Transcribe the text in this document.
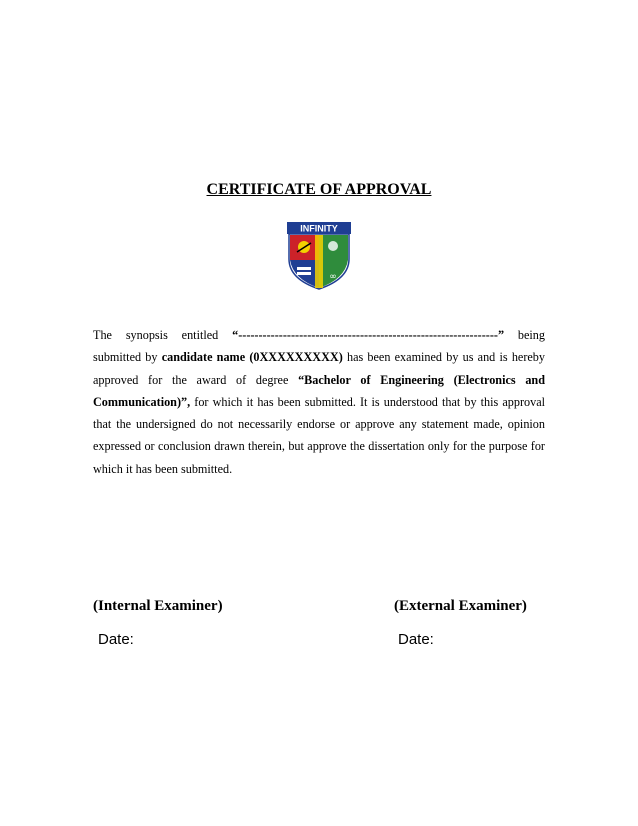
CERTIFICATE OF APPROVAL
INFINITY
∞
The synopsis entitled “----------------------------------------------------------------” being submitted by candidate name (0XXXXXXXXX) has been examined by us and is hereby approved for the award of degree “Bachelor of Engineering (Electronics and Communication)”, for which it has been submitted. It is understood that by this approval that the undersigned do not necessarily endorse or approve any statement made, opinion expressed or conclusion drawn therein, but approve the dissertation only for the purpose for which it has been submitted.
(Internal Examiner)	(External Examiner)
Date:	Date:
